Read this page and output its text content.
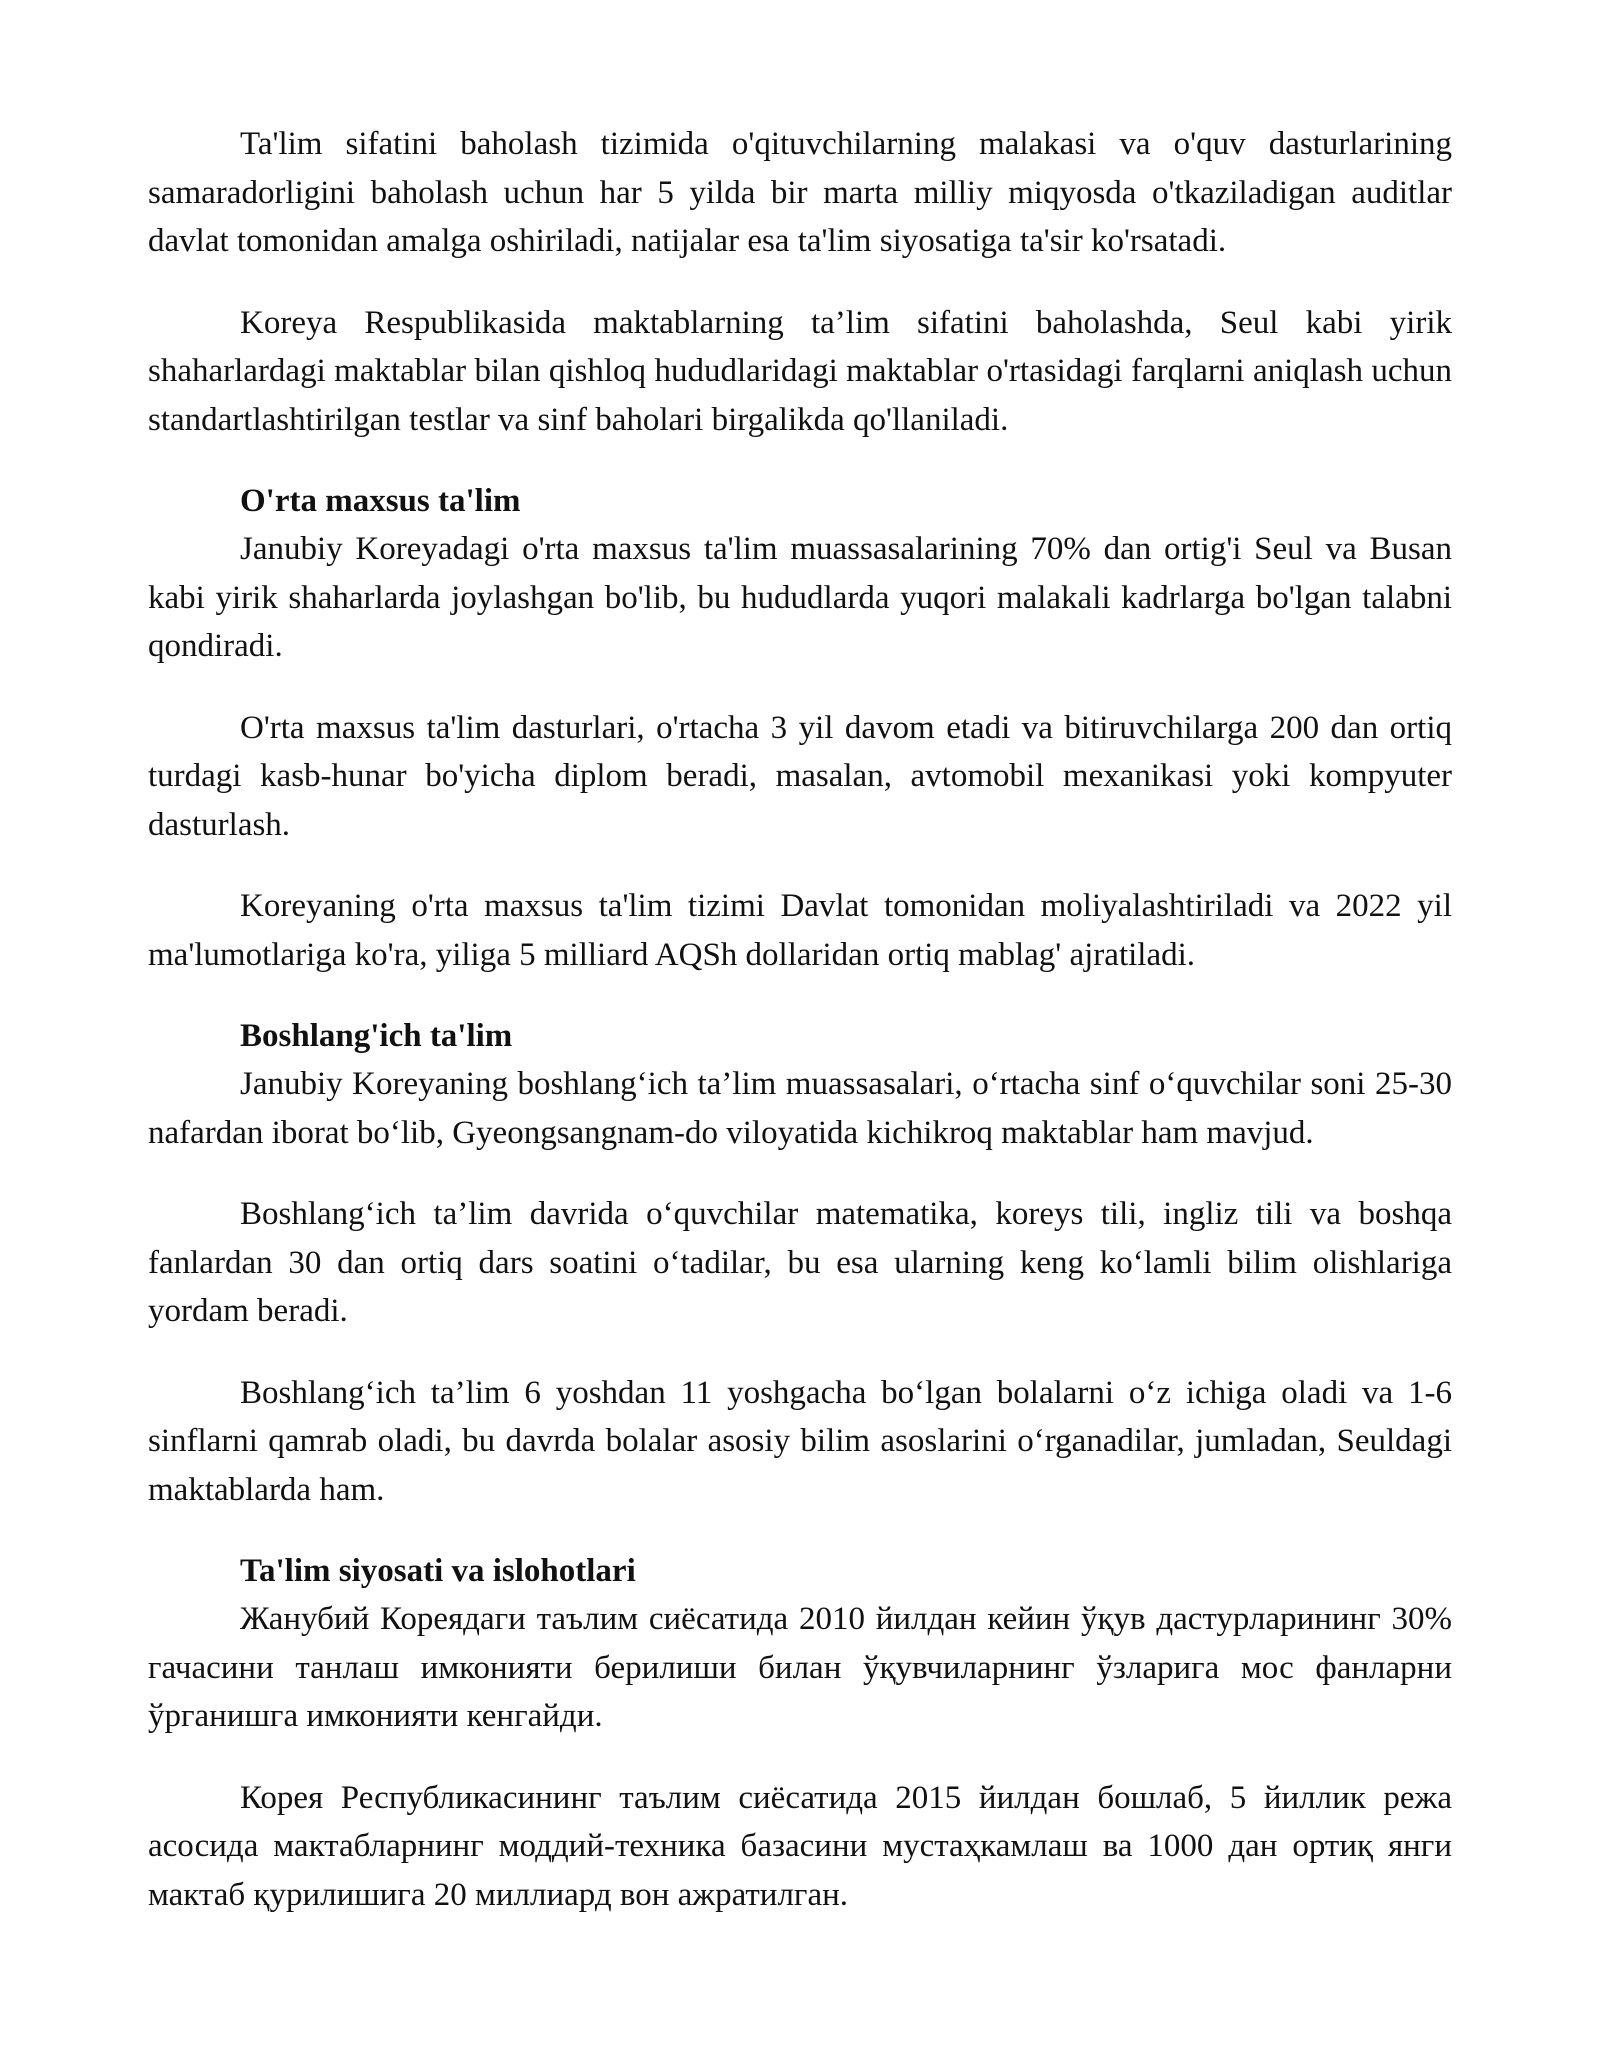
Ta'lim sifatini baholash tizimida o'qituvchilarning malakasi va o'quv dasturlarining samaradorligini baholash uchun har 5 yilda bir marta milliy miqyosda o'tkaziladigan auditlar davlat tomonidan amalga oshiriladi, natijalar esa ta'lim siyosatiga ta'sir ko'rsatadi.

Koreya Respublikasida maktablarning ta’lim sifatini baholashda, Seul kabi yirik shaharlardagi maktablar bilan qishloq hududlaridagi maktablar o'rtasidagi farqlarni aniqlash uchun standartlashtirilgan testlar va sinf baholari birgalikda qo'llaniladi.

O'rta maxsus ta'lim

Janubiy Koreyadagi o'rta maxsus ta'lim muassasalarining 70% dan ortig'i Seul va Busan kabi yirik shaharlarda joylashgan bo'lib, bu hududlarda yuqori malakali kadrlarga bo'lgan talabni qondiradi.

O'rta maxsus ta'lim dasturlari, o'rtacha 3 yil davom etadi va bitiruvchilarga 200 dan ortiq turdagi kasb-hunar bo'yicha diplom beradi, masalan, avtomobil mexanikasi yoki kompyuter dasturlash.

Koreyaning o'rta maxsus ta'lim tizimi Davlat tomonidan moliyalashtiriladi va 2022 yil ma'lumotlariga ko'ra, yiliga 5 milliard AQSh dollaridan ortiq mablag' ajratiladi.

Boshlang'ich ta'lim

Janubiy Koreyaning boshlang‘ich ta’lim muassasalari, o‘rtacha sinf o‘quvchilar soni 25-30 nafardan iborat bo‘lib, Gyeongsangnam-do viloyatida kichikroq maktablar ham mavjud.

Boshlang‘ich ta’lim davrida o‘quvchilar matematika, koreys tili, ingliz tili va boshqa fanlardan 30 dan ortiq dars soatini o‘tadilar, bu esa ularning keng ko‘lamli bilim olishlariga yordam beradi.

Boshlang‘ich ta’lim 6 yoshdan 11 yoshgacha bo‘lgan bolalarni o‘z ichiga oladi va 1-6 sinflarni qamrab oladi, bu davrda bolalar asosiy bilim asoslarini o‘rganadilar, jumladan, Seuldagi maktablarda ham.

Ta'lim siyosati va islohotlari

Жанубий Кореядаги таълим сиёсатида 2010 йилдан кейин ўқув дастурларининг 30% гачасини танлаш имконияти берилиши билан ўқувчиларнинг ўзларига мос фанларни ўрганишга имконияти кенгайди.

Корея Республикасининг таълим сиёсатида 2015 йилдан бошлаб, 5 йиллик режа асосида мактабларнинг моддий-техника базасини мустаҳкамлаш ва 1000 дан ортиқ янги мактаб қурилишига 20 миллиард вон ажратилган.
